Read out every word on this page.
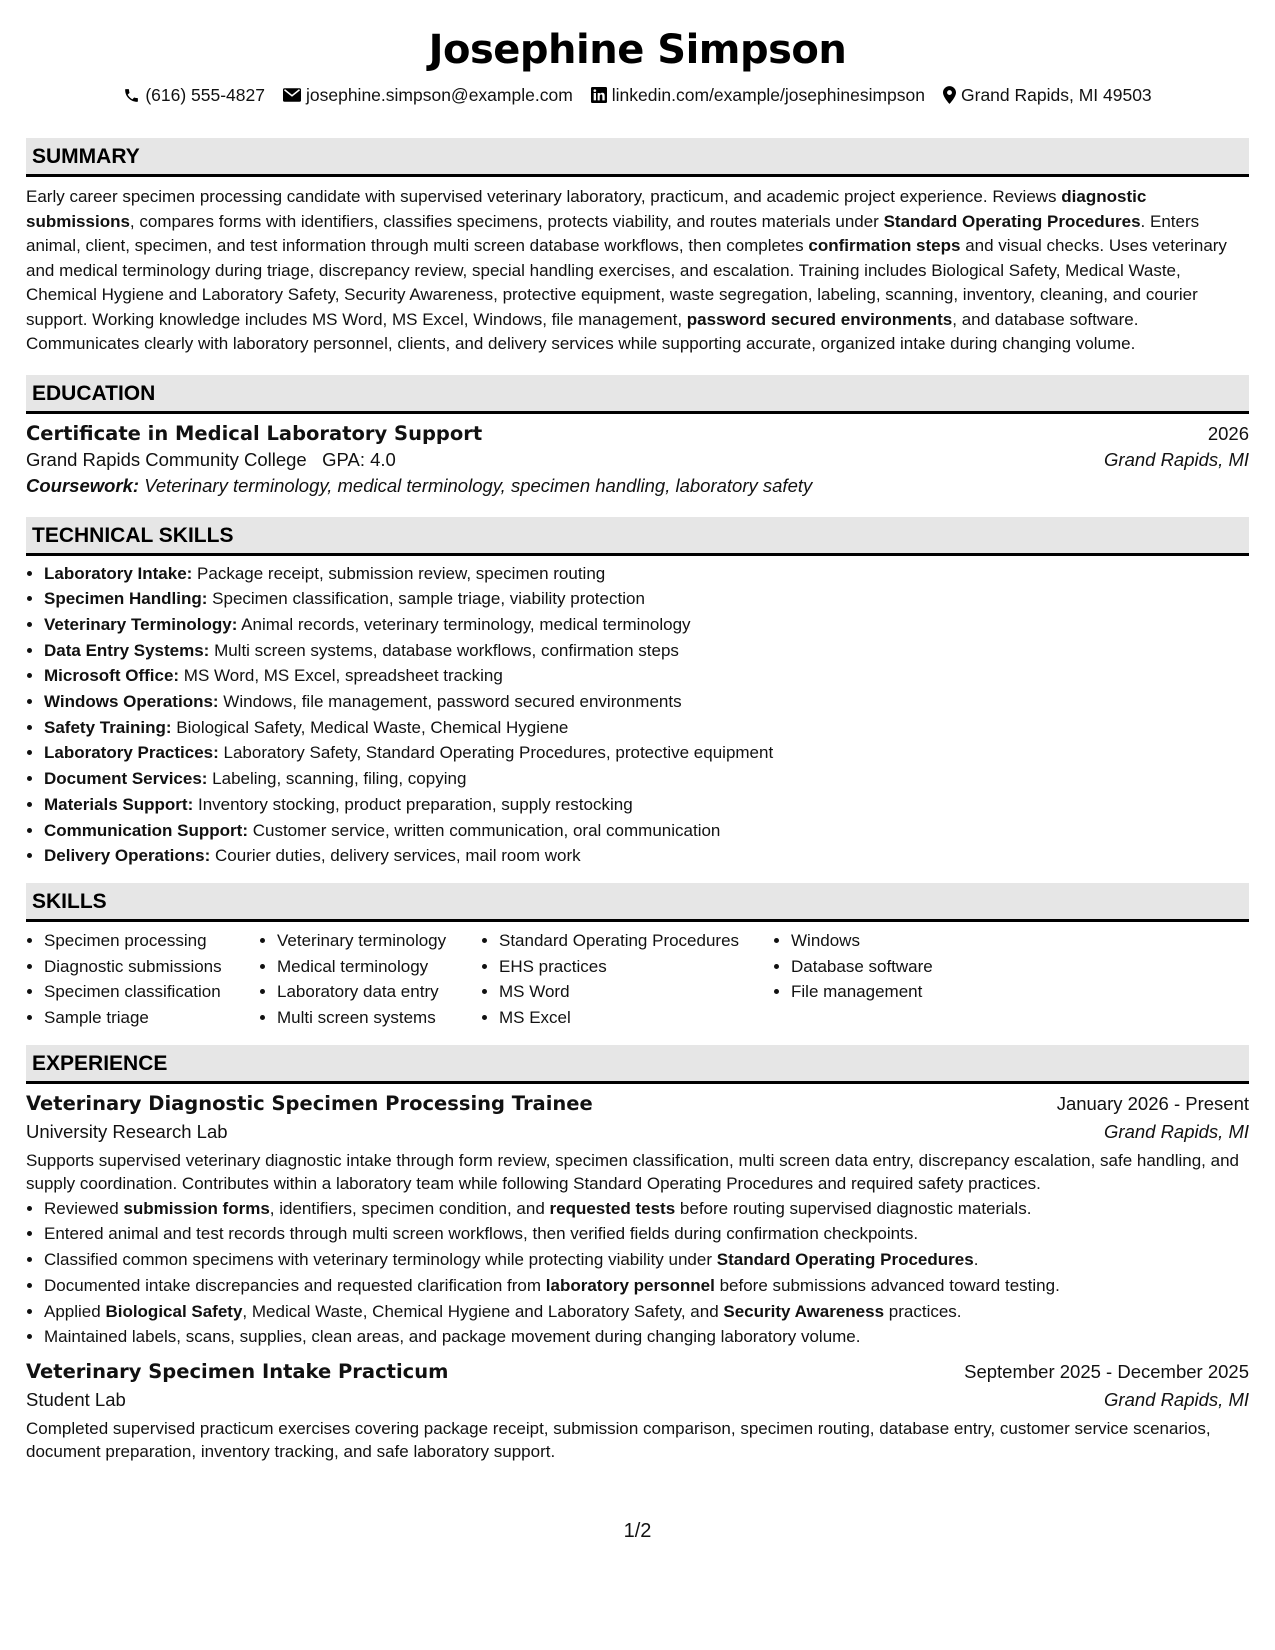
Josephine Simpson
(616) 555-4827 josephine.simpson@example.com linkedin.com/example/josephinesimpson Grand Rapids, MI 49503
SUMMARY
Early career specimen processing candidate with supervised veterinary laboratory, practicum, and academic project experience. Reviews diagnostic submissions, compares forms with identifiers, classifies specimens, protects viability, and routes materials under Standard Operating Procedures. Enters animal, client, specimen, and test information through multi screen database workflows, then completes confirmation steps and visual checks. Uses veterinary and medical terminology during triage, discrepancy review, special handling exercises, and escalation. Training includes Biological Safety, Medical Waste, Chemical Hygiene and Laboratory Safety, Security Awareness, protective equipment, waste segregation, labeling, scanning, inventory, cleaning, and courier support. Working knowledge includes MS Word, MS Excel, Windows, file management, password secured environments, and database software. Communicates clearly with laboratory personnel, clients, and delivery services while supporting accurate, organized intake during changing volume.
EDUCATION
Certificate in Medical Laboratory Support	2026
Grand Rapids Community College GPA: 4.0	Grand Rapids, MI
Coursework: Veterinary terminology, medical terminology, specimen handling, laboratory safety
TECHNICAL SKILLS
• Laboratory Intake: Package receipt, submission review, specimen routing
• Specimen Handling: Specimen classification, sample triage, viability protection
• Veterinary Terminology: Animal records, veterinary terminology, medical terminology
• Data Entry Systems: Multi screen systems, database workflows, confirmation steps
• Microsoft Office: MS Word, MS Excel, spreadsheet tracking
• Windows Operations: Windows, file management, password secured environments
• Safety Training: Biological Safety, Medical Waste, Chemical Hygiene
• Laboratory Practices: Laboratory Safety, Standard Operating Procedures, protective equipment
• Document Services: Labeling, scanning, filing, copying
• Materials Support: Inventory stocking, product preparation, supply restocking
• Communication Support: Customer service, written communication, oral communication
• Delivery Operations: Courier duties, delivery services, mail room work
SKILLS
• Specimen processing
• Diagnostic submissions
• Specimen classification
• Sample triage
• Veterinary terminology
• Medical terminology
• Laboratory data entry
• Multi screen systems
• Standard Operating Procedures
• EHS practices
• MS Word
• MS Excel
• Windows
• Database software
• File management
EXPERIENCE
Veterinary Diagnostic Specimen Processing Trainee	January 2026 - Present
University Research Lab	Grand Rapids, MI
Supports supervised veterinary diagnostic intake through form review, specimen classification, multi screen data entry, discrepancy escalation, safe handling, and supply coordination. Contributes within a laboratory team while following Standard Operating Procedures and required safety practices.
• Reviewed submission forms, identifiers, specimen condition, and requested tests before routing supervised diagnostic materials.
• Entered animal and test records through multi screen workflows, then verified fields during confirmation checkpoints.
• Classified common specimens with veterinary terminology while protecting viability under Standard Operating Procedures.
• Documented intake discrepancies and requested clarification from laboratory personnel before submissions advanced toward testing.
• Applied Biological Safety, Medical Waste, Chemical Hygiene and Laboratory Safety, and Security Awareness practices.
• Maintained labels, scans, supplies, clean areas, and package movement during changing laboratory volume.
Veterinary Specimen Intake Practicum	September 2025 - December 2025
Student Lab	Grand Rapids, MI
Completed supervised practicum exercises covering package receipt, submission comparison, specimen routing, database entry, customer service scenarios, document preparation, inventory tracking, and safe laboratory support.
1/2
